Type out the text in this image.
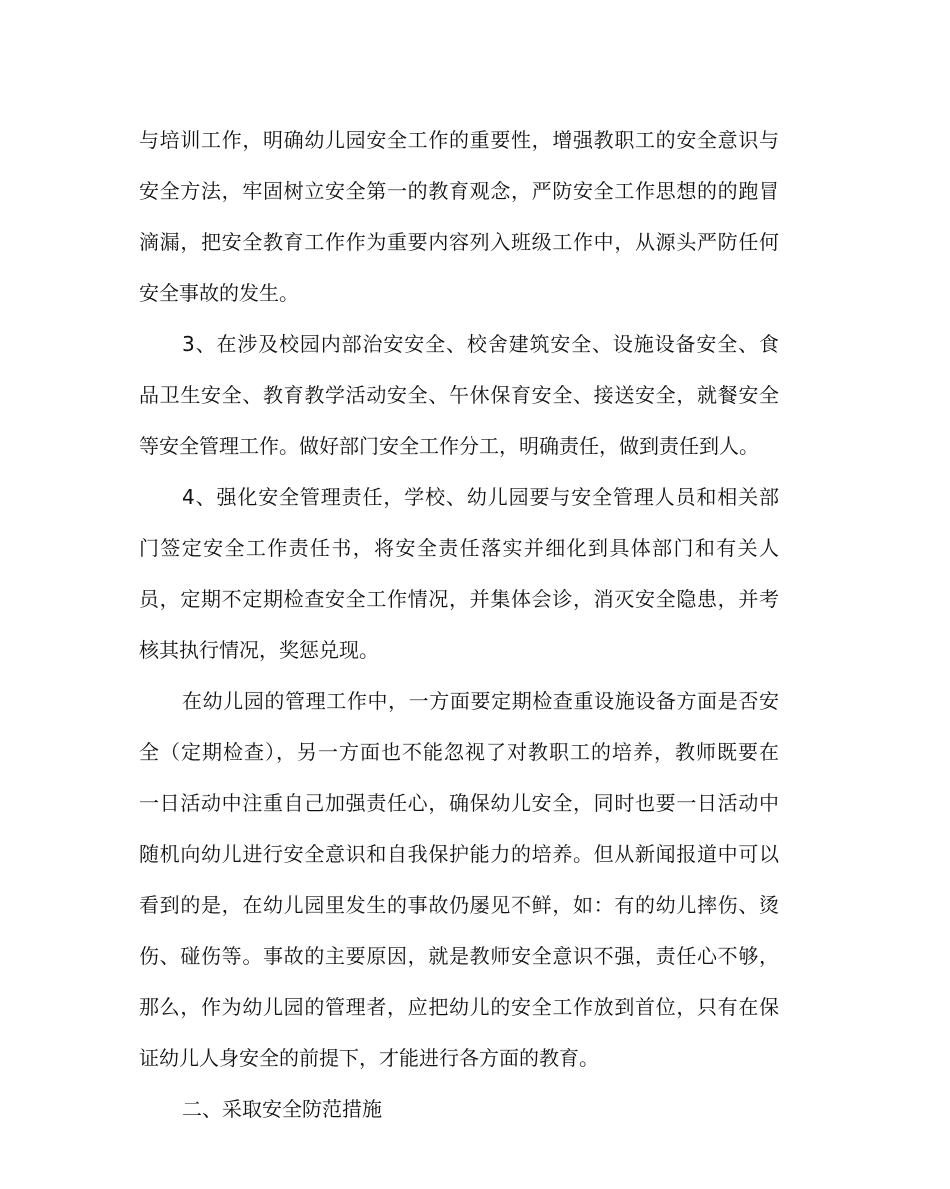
与培训工作，明确幼儿园安全工作的重要性，增强教职工的安全意识与
安全方法，牢固树立安全第一的教育观念，严防安全工作思想的的跑冒
滴漏，把安全教育工作作为重要内容列入班级工作中，从源头严防任何
安全事故的发生。
3、在涉及校园内部治安安全、校舍建筑安全、设施设备安全、食
品卫生安全、教育教学活动安全、午休保育安全、接送安全，就餐安全
等安全管理工作。做好部门安全工作分工，明确责任，做到责任到人。
4、强化安全管理责任，学校、幼儿园要与安全管理人员和相关部
门签定安全工作责任书，将安全责任落实并细化到具体部门和有关人
员，定期不定期检查安全工作情况，并集体会诊，消灭安全隐患，并考
核其执行情况，奖惩兑现。
在幼儿园的管理工作中，一方面要定期检查重设施设备方面是否安
全（定期检查），另一方面也不能忽视了对教职工的培养，教师既要在
一日活动中注重自己加强责任心，确保幼儿安全，同时也要一日活动中
随机向幼儿进行安全意识和自我保护能力的培养。但从新闻报道中可以
看到的是，在幼儿园里发生的事故仍屡见不鲜，如：有的幼儿摔伤、烫
伤、碰伤等。事故的主要原因，就是教师安全意识不强，责任心不够，
那么，作为幼儿园的管理者，应把幼儿的安全工作放到首位，只有在保
证幼儿人身安全的前提下，才能进行各方面的教育。
二、采取安全防范措施
